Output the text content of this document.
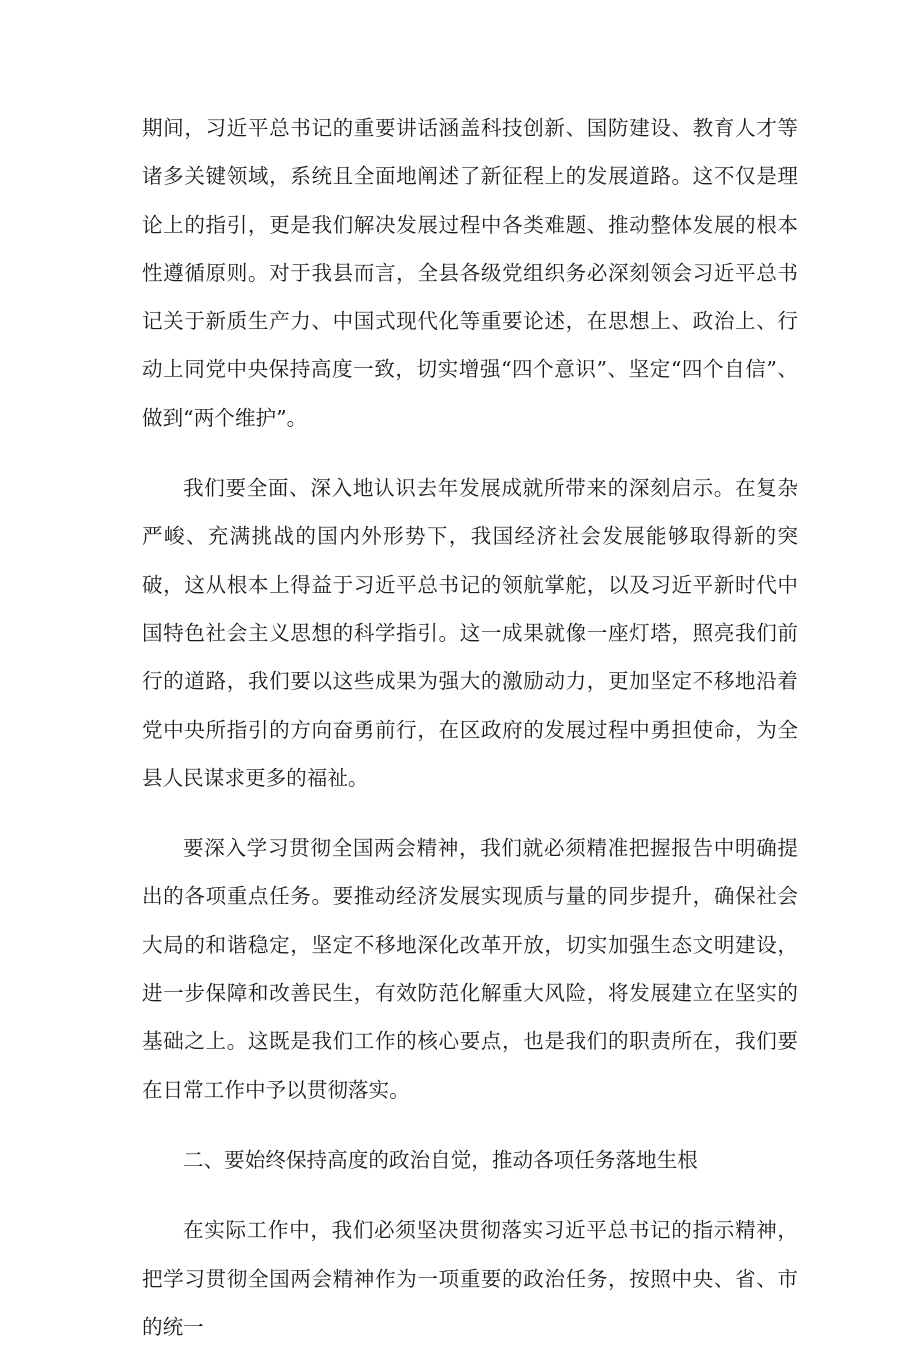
期间，习近平总书记的重要讲话涵盖科技创新、国防建设、教育人才等诸多关键领域，系统且全面地阐述了新征程上的发展道路。这不仅是理论上的指引，更是我们解决发展过程中各类难题、推动整体发展的根本性遵循原则。对于我县而言，全县各级党组织务必深刻领会习近平总书记关于新质生产力、中国式现代化等重要论述，在思想上、政治上、行动上同党中央保持高度一致，切实增强“四个意识”、坚定“四个自信”、做到“两个维护”。

我们要全面、深入地认识去年发展成就所带来的深刻启示。在复杂严峻、充满挑战的国内外形势下，我国经济社会发展能够取得新的突破，这从根本上得益于习近平总书记的领航掌舵，以及习近平新时代中国特色社会主义思想的科学指引。这一成果就像一座灯塔，照亮我们前行的道路，我们要以这些成果为强大的激励动力，更加坚定不移地沿着党中央所指引的方向奋勇前行，在区政府的发展过程中勇担使命，为全县人民谋求更多的福祉。

要深入学习贯彻全国两会精神，我们就必须精准把握报告中明确提出的各项重点任务。要推动经济发展实现质与量的同步提升，确保社会大局的和谐稳定，坚定不移地深化改革开放，切实加强生态文明建设，进一步保障和改善民生，有效防范化解重大风险，将发展建立在坚实的基础之上。这既是我们工作的核心要点，也是我们的职责所在，我们要在日常工作中予以贯彻落实。

二、要始终保持高度的政治自觉，推动各项任务落地生根

在实际工作中，我们必须坚决贯彻落实习近平总书记的指示精神，把学习贯彻全国两会精神作为一项重要的政治任务，按照中央、省、市的统一
